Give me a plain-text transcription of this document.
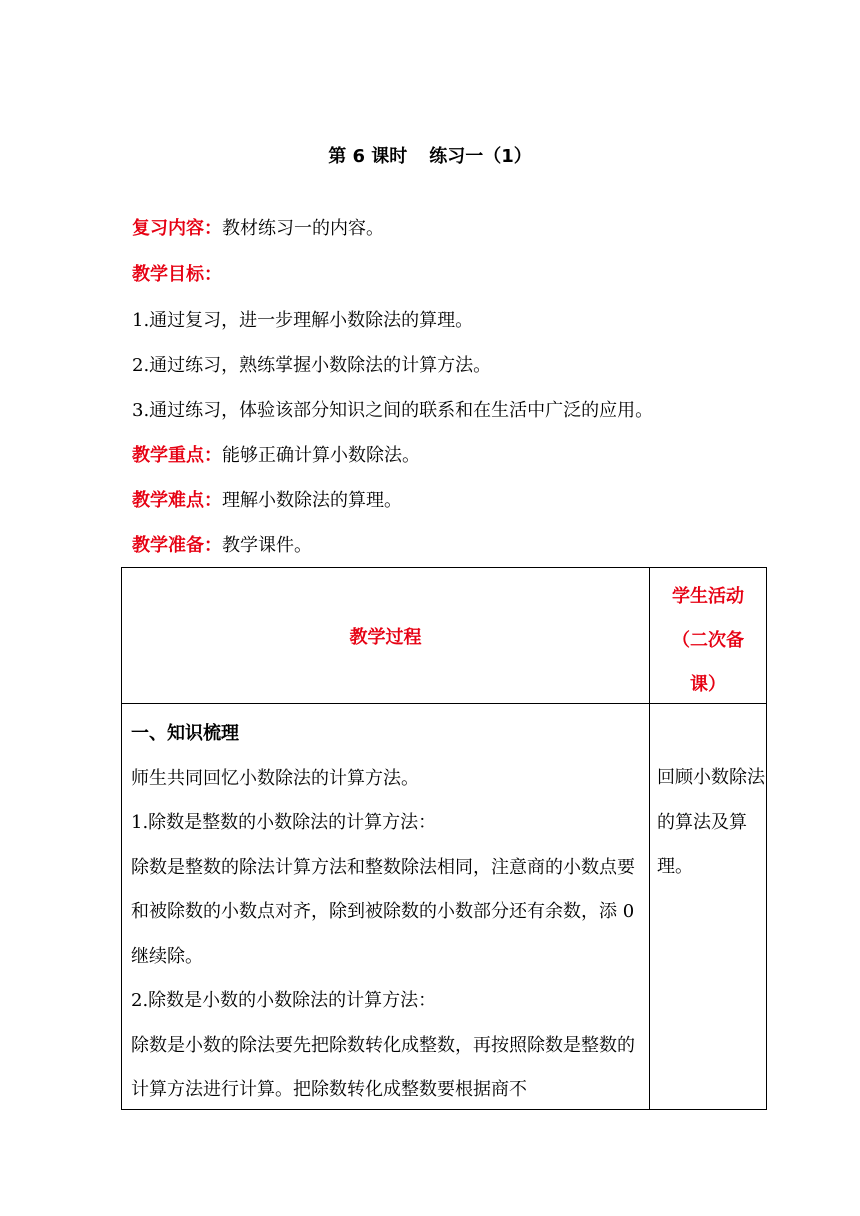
第 6 课时 练习一（1）
复习内容：教材练习一的内容。
教学目标：
1.通过复习，进一步理解小数除法的算理。
2.通过练习，熟练掌握小数除法的计算方法。
3.通过练习，体验该部分知识之间的联系和在生活中广泛的应用。
教学重点：能够正确计算小数除法。
教学难点：理解小数除法的算理。
教学准备：教学课件。
教学过程
学生活动
（二次备
课）

一、知识梳理

师生共同回忆小数除法的计算方法。

1.除数是整数的小数除法的计算方法：

除数是整数的除法计算方法和整数除法相同，注意商的小数点要和被除数的小数点对齐，除到被除数的小数部分还有余数，添 0 继续除。

2.除数是小数的小数除法的计算方法：

除数是小数的除法要先把除数转化成整数，再按照除数是整数的计算方法进行计算。把除数转化成整数要根据商不

回顾小数除法的算法及算理。
